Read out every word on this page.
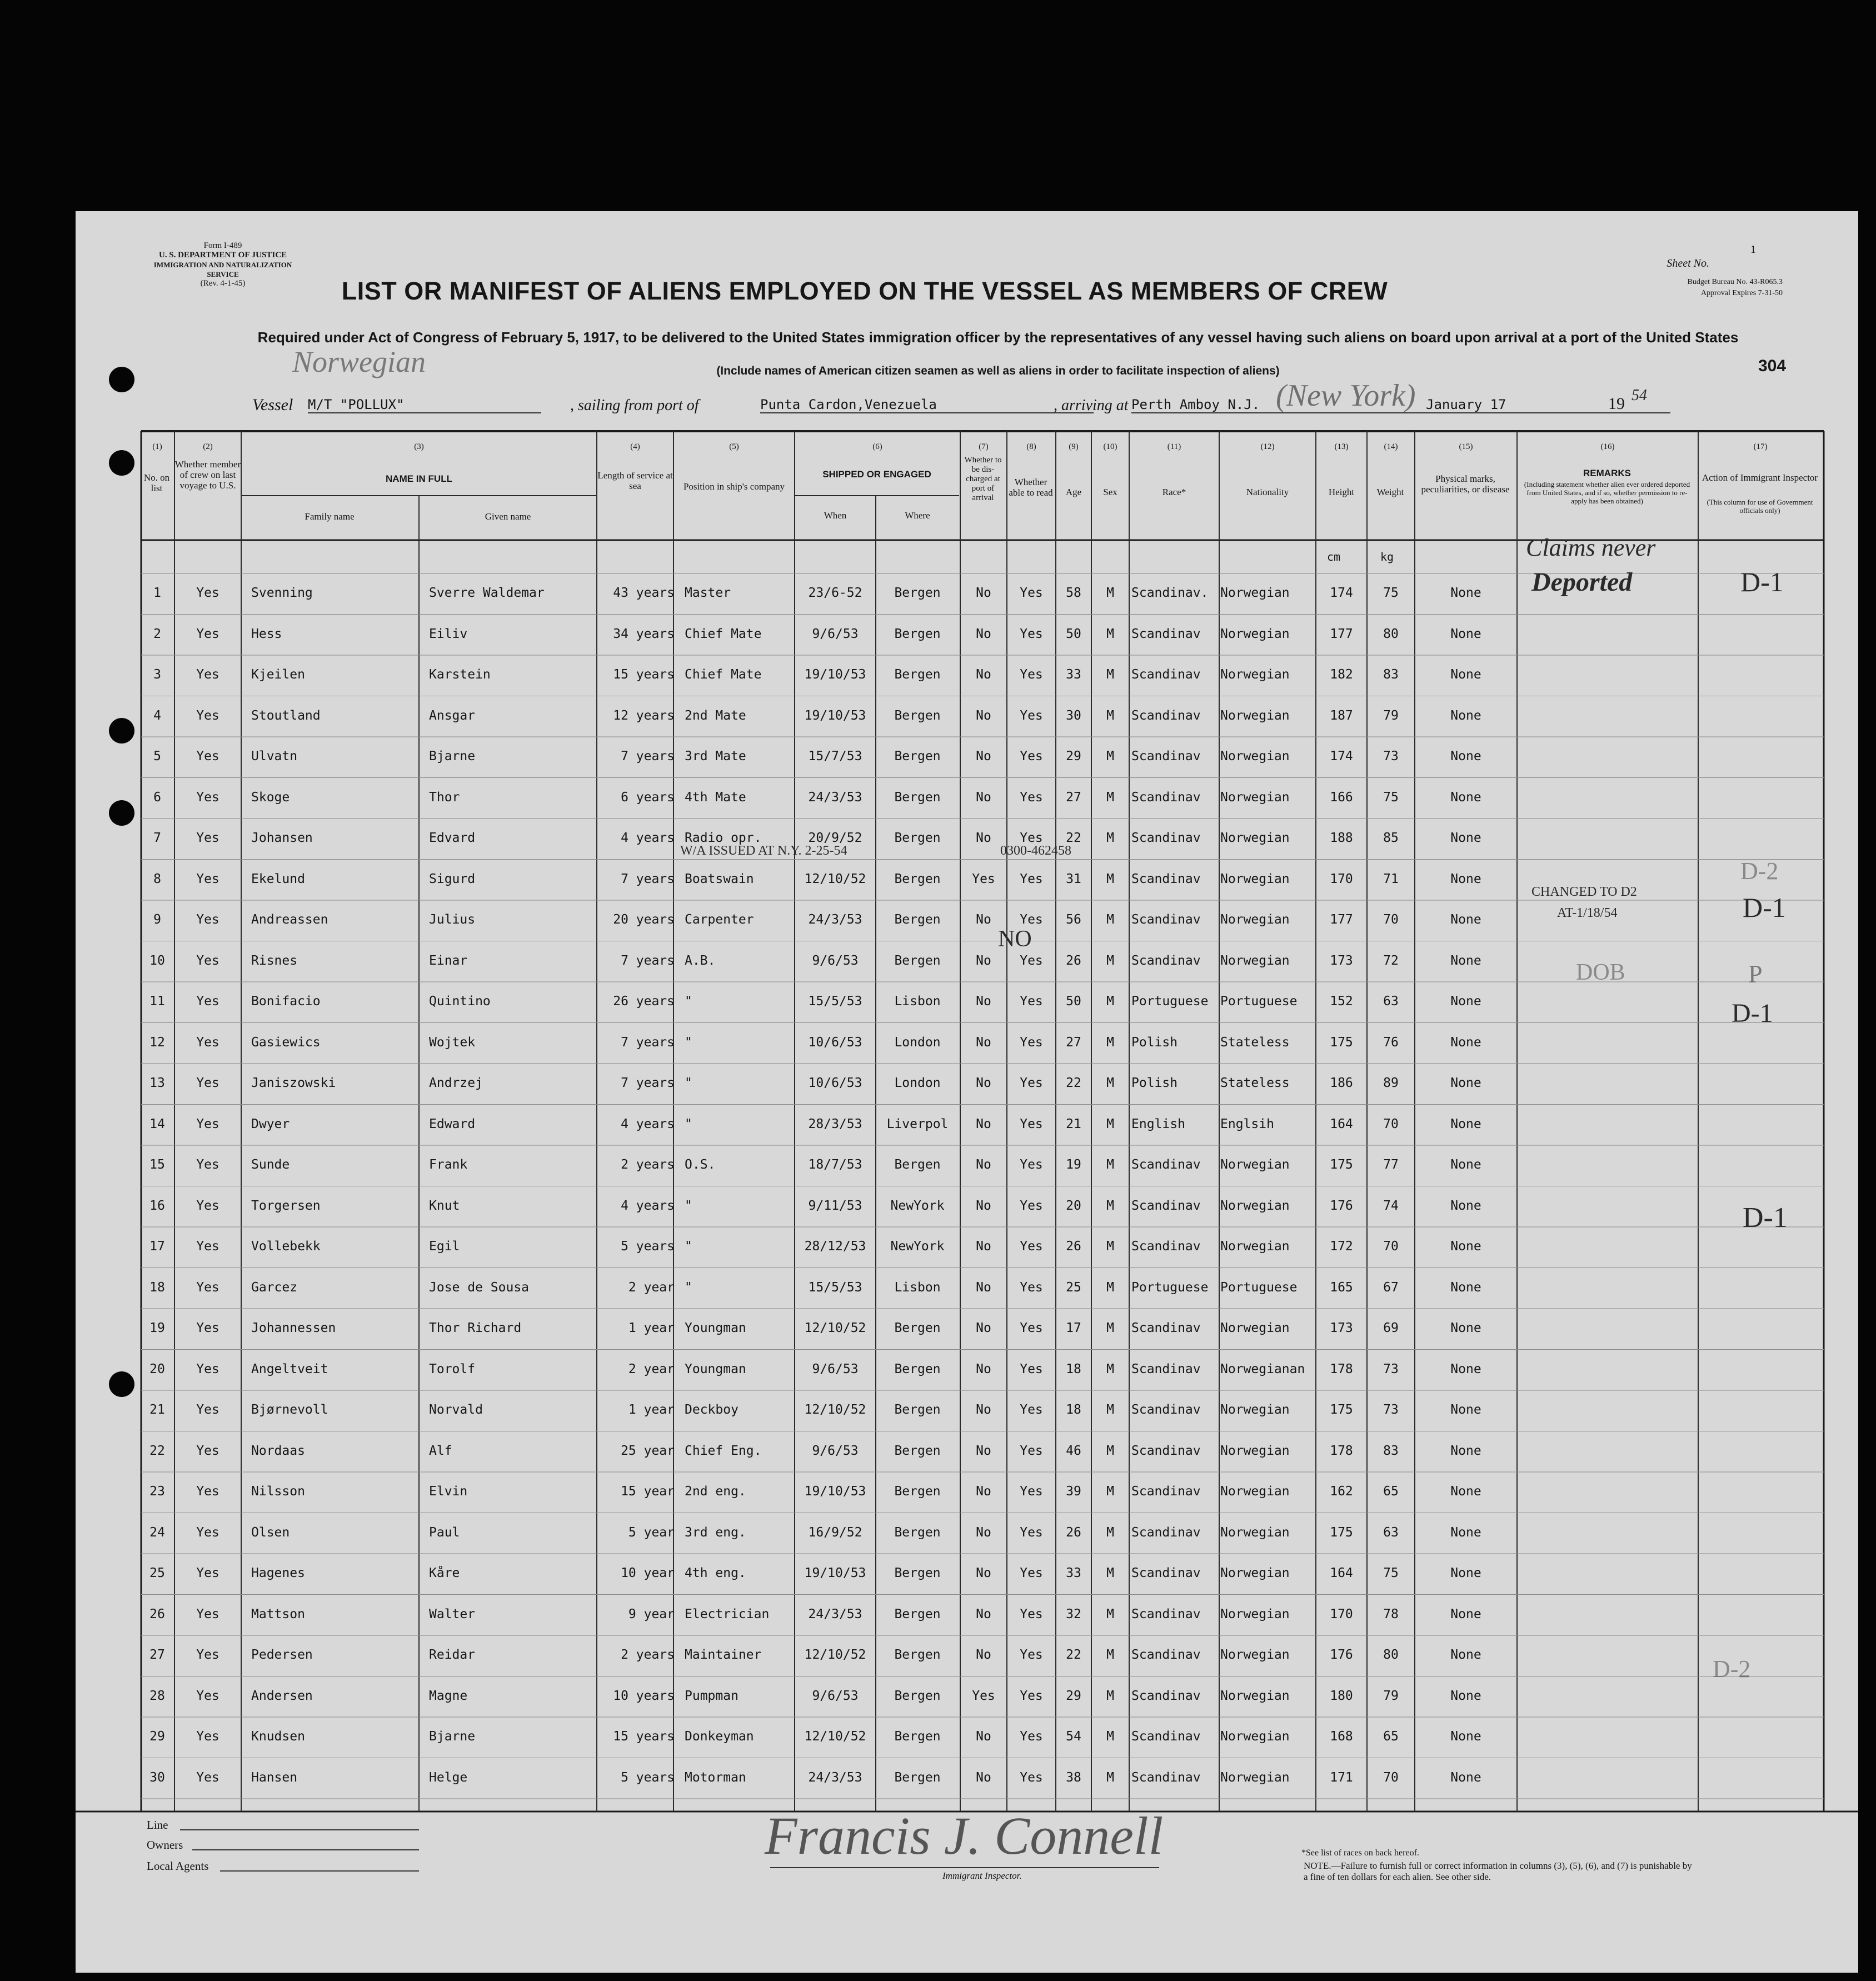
Form I-489
U. S. DEPARTMENT OF JUSTICE
IMMIGRATION AND NATURALIZATION SERVICE
(Rev. 4-1-45)	LIST OR MANIFEST OF ALIENS EMPLOYED ON THE VESSEL AS MEMBERS OF CREW
1
Sheet No.
Budget Bureau No. 43-R065.3
Approval Expires 7-31-50
Required under Act of Congress of February 5, 1917, to be delivered to the United States immigration officer by the representatives of any vessel having such aliens on board upon arrival at a port of the United States
(Include names of American citizen seamen as well as aliens in order to facilitate inspection of aliens)	304
Norwegian
Vessel M/T "POLLUX"	, sailing from port of	Punta Cardon,Venezuela	, arriving at Perth Amboy N.J. (New York) January 17	19 54
(1)	(2)	(3)	(4)	(5)	(6)	(7)	(8)	(9)	(10)	(11)	(12)	(13)	(14)	(15)	(16)	(17)
No. on list
Whether member of crew on last voyage to U.S.
NAME IN FULL
Family name	Given name
Length of service at sea	Position in ship's company
SHIPPED OR ENGAGED
When	Where
Whether to be dis-charged at port of arrival
Whether able to read	Age	Sex	Race*	Nationality	Height	Weight
Physical marks, peculiarities, or disease
REMARKS
(Including statement whether alien ever ordered deported from United States, and if so, whether permission to re-apply has been obtained)
Action of Immigrant Inspector
(This column for use of Government officials only)
cm	kg
1	Yes	Svenning	Sverre Waldemar	43 years Master	23/6-52	Bergen	No	Yes	58	M	Scandinav. Norwegian	174	75	None
2	Yes	Hess	Eiliv	34 years Chief Mate	9/6/53	Bergen	No	Yes	50	M	Scandinav	Norwegian	177	80	None
3	Yes	Kjeilen	Karstein	15 years Chief Mate	19/10/53	Bergen	No	Yes	33	M	Scandinav	Norwegian	182	83	None
4	Yes	Stoutland	Ansgar	12 years 2nd Mate	19/10/53	Bergen	No	Yes	30	M	Scandinav	Norwegian	187	79	None
5	Yes	Ulvatn	Bjarne	7 years 3rd Mate	15/7/53	Bergen	No	Yes	29	M	Scandinav	Norwegian	174	73	None
6	Yes	Skoge	Thor	6 years 4th Mate	24/3/53	Bergen	No	Yes	27	M	Scandinav	Norwegian	166	75	None
7	Yes	Johansen	Edvard	4 years Radio opr.	20/9/52	Bergen	No	Yes	22	M	Scandinav	Norwegian	188	85	None
8	Yes	Ekelund	Sigurd	7 years Boatswain	12/10/52	Bergen	Yes	Yes	31	M	Scandinav	Norwegian	170	71	None
9	Yes	Andreassen	Julius	20 years Carpenter	24/3/53	Bergen	No	Yes	56	M	Scandinav	Norwegian	177	70	None
10	Yes	Risnes	Einar	7 years A.B.	9/6/53	Bergen	No	Yes	26	M	Scandinav	Norwegian	173	72	None
11	Yes	Bonifacio	Quintino	26 years "	15/5/53	Lisbon	No	Yes	50	M	Portuguese Portuguese	152	63	None
12	Yes	Gasiewics	Wojtek	7 years "	10/6/53	London	No	Yes	27	M	Polish	Stateless	175	76	None
13	Yes	Janiszowski	Andrzej	7 years "	10/6/53	London	No	Yes	22	M	Polish	Stateless	186	89	None
14	Yes	Dwyer	Edward	4 years "	28/3/53	Liverpol	No	Yes	21	M	English	Englsih	164	70	None
15	Yes	Sunde	Frank	2 years O.S.	18/7/53	Bergen	No	Yes	19	M	Scandinav	Norwegian	175	77	None
16	Yes	Torgersen	Knut	4 years "	9/11/53	NewYork	No	Yes	20	M	Scandinav	Norwegian	176	74	None
17	Yes	Vollebekk	Egil	5 years "	28/12/53	NewYork	No	Yes	26	M	Scandinav	Norwegian	172	70	None
18	Yes	Garcez	Jose de Sousa	2 year "	15/5/53	Lisbon	No	Yes	25	M	Portuguese Portuguese	165	67	None
19	Yes	Johannessen	Thor Richard	1 year Youngman	12/10/52	Bergen	No	Yes	17	M	Scandinav	Norwegian	173	69	None
20	Yes	Angeltveit	Torolf	2 year Youngman	9/6/53	Bergen	No	Yes	18	M	Scandinav	Norwegianan	178	73	None
21	Yes	Bjørnevoll	Norvald	1 year Deckboy	12/10/52	Bergen	No	Yes	18	M	Scandinav	Norwegian	175	73	None
22	Yes	Nordaas	Alf	25 year Chief Eng.	9/6/53	Bergen	No	Yes	46	M	Scandinav	Norwegian	178	83	None
23	Yes	Nilsson	Elvin	15 year 2nd eng.	19/10/53	Bergen	No	Yes	39	M	Scandinav	Norwegian	162	65	None
24	Yes	Olsen	Paul	5 year 3rd eng.	16/9/52	Bergen	No	Yes	26	M	Scandinav	Norwegian	175	63	None
25	Yes	Hagenes	Kåre	10 year 4th eng.	19/10/53	Bergen	No	Yes	33	M	Scandinav	Norwegian	164	75	None
26	Yes	Mattson	Walter	9 year Electrician	24/3/53	Bergen	No	Yes	32	M	Scandinav	Norwegian	170	78	None
27	Yes	Pedersen	Reidar	2 years Maintainer	12/10/52	Bergen	No	Yes	22	M	Scandinav	Norwegian	176	80	None
28	Yes	Andersen	Magne	10 years Pumpman	9/6/53	Bergen	Yes	Yes	29	M	Scandinav	Norwegian	180	79	None
29	Yes	Knudsen	Bjarne	15 years Donkeyman	12/10/52	Bergen	No	Yes	54	M	Scandinav	Norwegian	168	65	None
30	Yes	Hansen	Helge	5 years Motorman	24/3/53	Bergen	No	Yes	38	M	Scandinav	Norwegian	171	70	None
Claims never
Deported	D-1
W/A ISSUED AT N.Y. 2-25-54	0300-462458
D-2
CHANGED TO D2
AT-1/18/54	D-1
NO
DOB	P
D-1
D-1
D-2
Line
Owners
Local Agents
Francis J. Connell
Immigrant Inspector.
*See list of races on back hereof.
NOTE.—Failure to furnish full or correct information in columns (3), (5), (6), and (7) is punishable by a fine of ten dollars for each alien. See other side.
